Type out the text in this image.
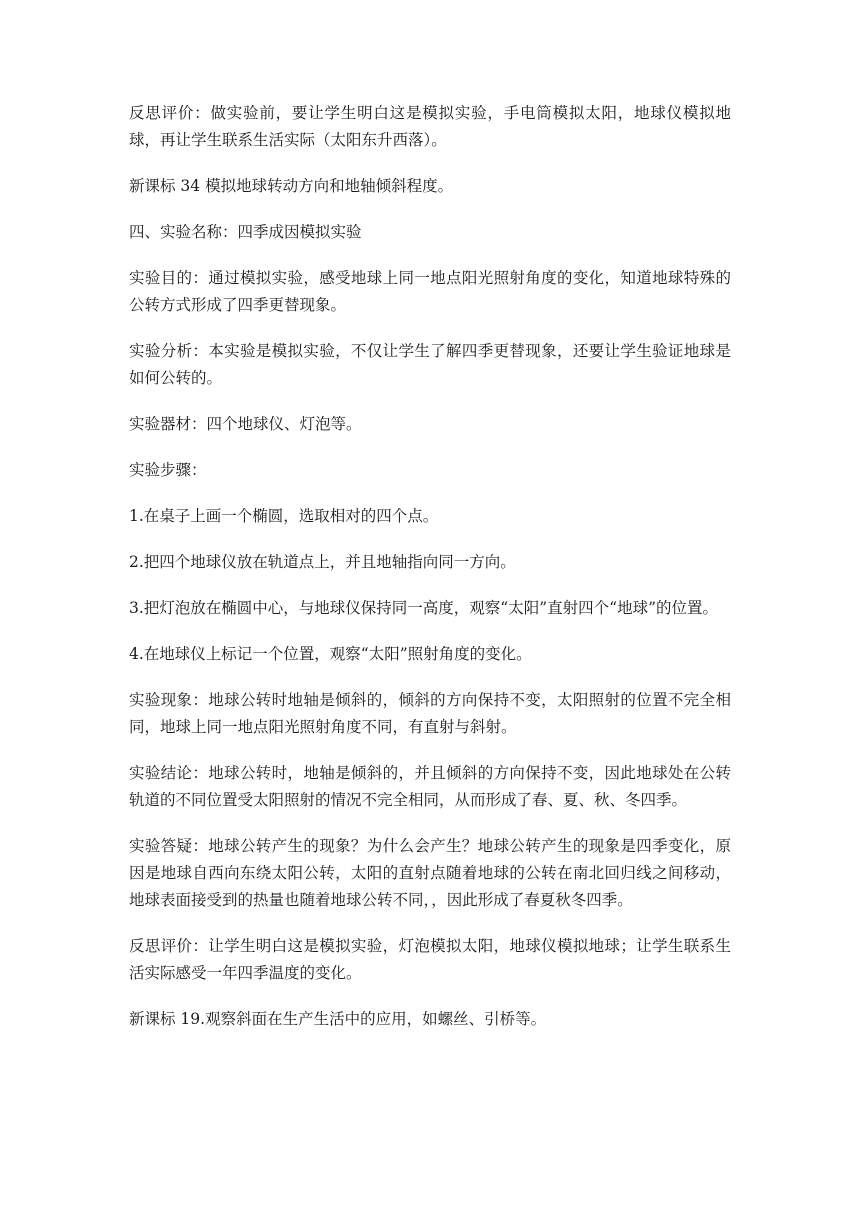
反思评价：做实验前，要让学生明白这是模拟实验，手电筒模拟太阳，地球仪模拟地球，再让学生联系生活实际（太阳东升西落）。

新课标 34 模拟地球转动方向和地轴倾斜程度。

四、实验名称：四季成因模拟实验

实验目的：通过模拟实验，感受地球上同一地点阳光照射角度的变化，知道地球特殊的公转方式形成了四季更替现象。

实验分析：本实验是模拟实验，不仅让学生了解四季更替现象，还要让学生验证地球是如何公转的。

实验器材：四个地球仪、灯泡等。

实验步骤：

1.在桌子上画一个椭圆，选取相对的四个点。

2.把四个地球仪放在轨道点上，并且地轴指向同一方向。

3.把灯泡放在椭圆中心，与地球仪保持同一高度，观察“太阳”直射四个“地球”的位置。

4.在地球仪上标记一个位置，观察“太阳”照射角度的变化。

实验现象：地球公转时地轴是倾斜的，倾斜的方向保持不变，太阳照射的位置不完全相同，地球上同一地点阳光照射角度不同，有直射与斜射。

实验结论：地球公转时，地轴是倾斜的，并且倾斜的方向保持不变，因此地球处在公转轨道的不同位置受太阳照射的情况不完全相同，从而形成了春、夏、秋、冬四季。

实验答疑：地球公转产生的现象？为什么会产生？地球公转产生的现象是四季变化，原因是地球自西向东绕太阳公转，太阳的直射点随着地球的公转在南北回归线之间移动，地球表面接受到的热量也随着地球公转不同，，因此形成了春夏秋冬四季。

反思评价：让学生明白这是模拟实验，灯泡模拟太阳，地球仪模拟地球；让学生联系生活实际感受一年四季温度的变化。

新课标 19.观察斜面在生产生活中的应用，如螺丝、引桥等。
